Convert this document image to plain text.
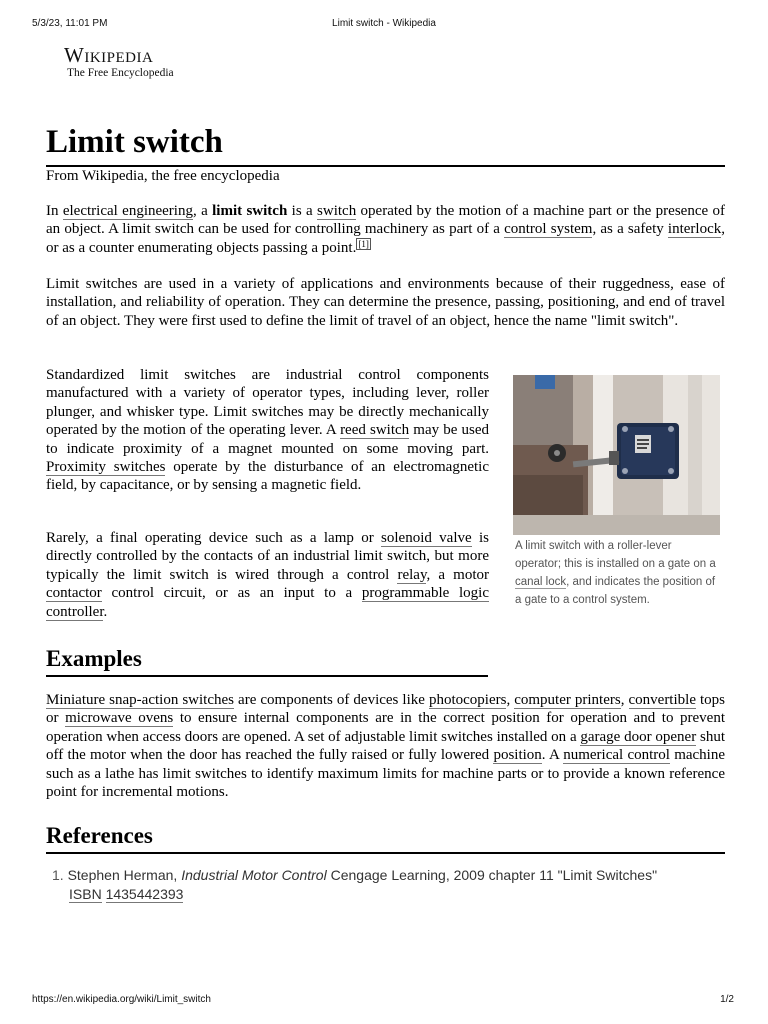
5/3/23, 11:01 PM	Limit switch - Wikipedia
Wikipedia
The Free Encyclopedia
Limit switch
From Wikipedia, the free encyclopedia

In electrical engineering, a limit switch is a switch operated by the motion of a machine part or the presence of an object. A limit switch can be used for controlling machinery as part of a control system, as a safety interlock, or as a counter enumerating objects passing a point. [1]

Limit switches are used in a variety of applications and environments because of their ruggedness, ease of installation, and reliability of operation. They can determine the presence, passing, positioning, and end of travel of an object. They were first used to define the limit of travel of an object, hence the name "limit switch".

Standardized limit switches are industrial control components manufactured with a variety of operator types, including lever, roller plunger, and whisker type. Limit switches may be directly mechanically operated by the motion of the operating lever. A reed switch may be used to indicate proximity of a magnet mounted on some moving part. Proximity switches operate by the disturbance of an electromagnetic field, by capacitance, or by sensing a magnetic field.

Rarely, a final operating device such as a lamp or solenoid valve is directly controlled by the contacts of an industrial limit switch, but more typically the limit switch is wired through a control relay, a motor contactor control circuit, or as an input to a programmable logic controller.

A limit switch with a roller-lever operator; this is installed on a gate on a canal lock, and indicates the position of a gate to a control system.
Examples

Miniature snap-action switches are components of devices like photocopiers, computer printers, convertible tops or microwave ovens to ensure internal components are in the correct position for operation and to prevent operation when access doors are opened. A set of adjustable limit switches installed on a garage door opener shut off the motor when the door has reached the fully raised or fully lowered position. A numerical control machine such as a lathe has limit switches to identify maximum limits for machine parts or to provide a known reference point for incremental motions.

References
1. Stephen Herman, Industrial Motor Control Cengage Learning, 2009 chapter 11 "Limit Switches"
ISBN 1435442393
https://en.wikipedia.org/wiki/Limit_switch	1/2
